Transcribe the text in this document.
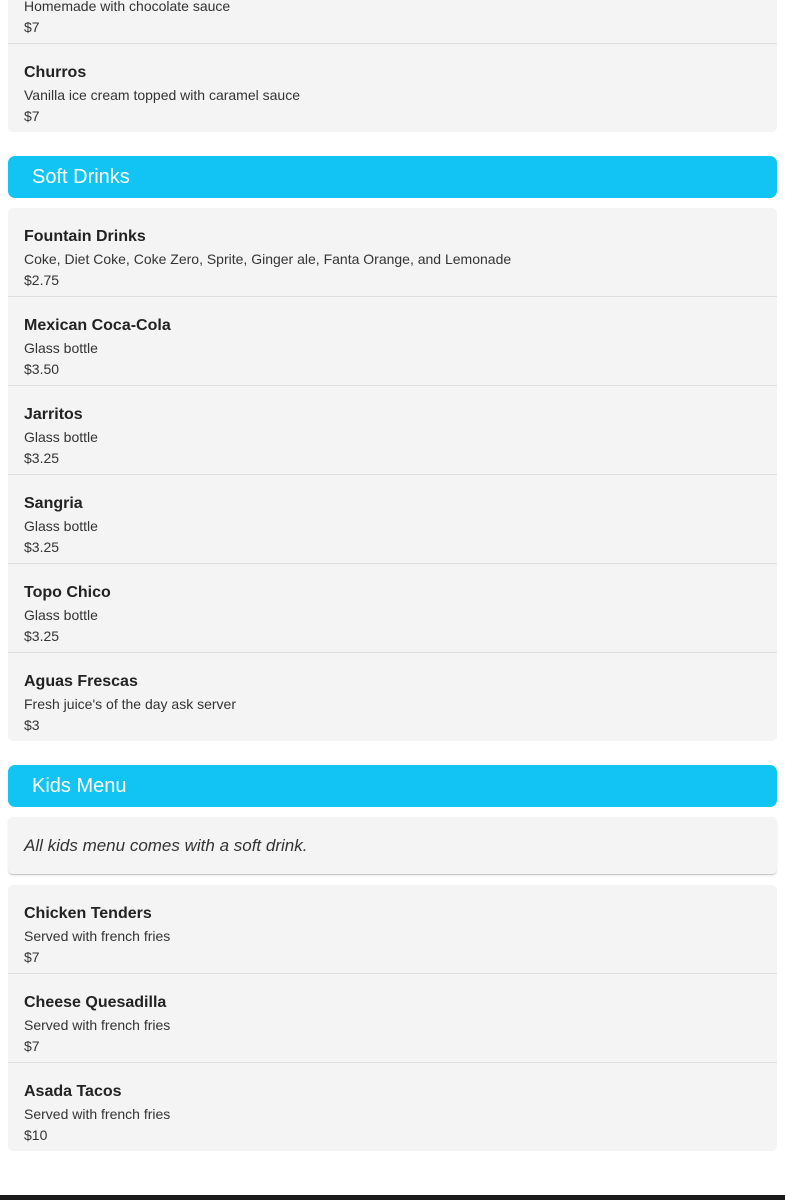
Homemade with chocolate sauce
$7
Churros
Vanilla ice cream topped with caramel sauce
$7
Soft Drinks
Fountain Drinks
Coke, Diet Coke, Coke Zero, Sprite, Ginger ale, Fanta Orange, and Lemonade
$2.75
Mexican Coca-Cola
Glass bottle
$3.50
Jarritos
Glass bottle
$3.25
Sangria
Glass bottle
$3.25
Topo Chico
Glass bottle
$3.25
Aguas Frescas
Fresh juice's of the day ask server
$3
Kids Menu
All kids menu comes with a soft drink.
Chicken Tenders
Served with french fries
$7
Cheese Quesadilla
Served with french fries
$7
Asada Tacos
Served with french fries
$10
